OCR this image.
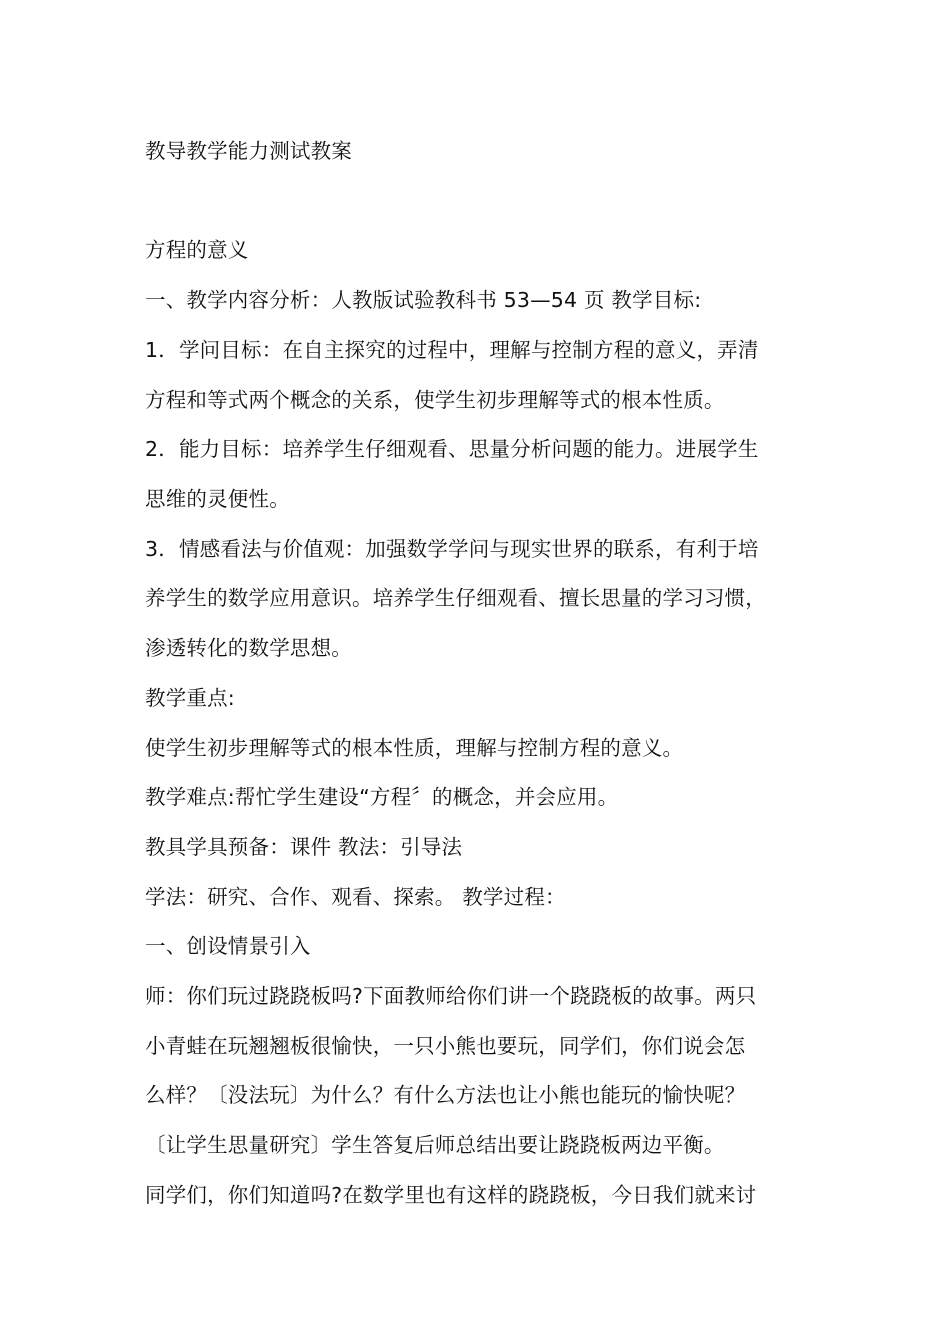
教导教学能力测试教案
方程的意义
一、教学内容分析：人教版试验教科书 53—54 页 教学目标:
1．学问目标：在自主探究的过程中，理解与控制方程的意义，弄清
方程和等式两个概念的关系，使学生初步理解等式的根本性质。
2．能力目标：培养学生仔细观看、思量分析问题的能力。进展学生
思维的灵便性。
3．情感看法与价值观：加强数学学问与现实世界的联系，有利于培
养学生的数学应用意识。培养学生仔细观看、擅长思量的学习习惯，
渗透转化的数学思想。
教学重点:
使学生初步理解等式的根本性质，理解与控制方程的意义。
教学难点:帮忙学生建设“方程〞的概念，并会应用。
教具学具预备：课件 教法：引导法
学法：研究、合作、观看、探索。 教学过程：
一、创设情景引入
师：你们玩过跷跷板吗?下面教师给你们讲一个跷跷板的故事。两只
小青蛙在玩翘翘板很愉快，一只小熊也要玩，同学们，你们说会怎
么样？〔没法玩〕为什么？有什么方法也让小熊也能玩的愉快呢？
〔让学生思量研究〕学生答复后师总结出要让跷跷板两边平衡。
同学们，你们知道吗?在数学里也有这样的跷跷板，今日我们就来讨
